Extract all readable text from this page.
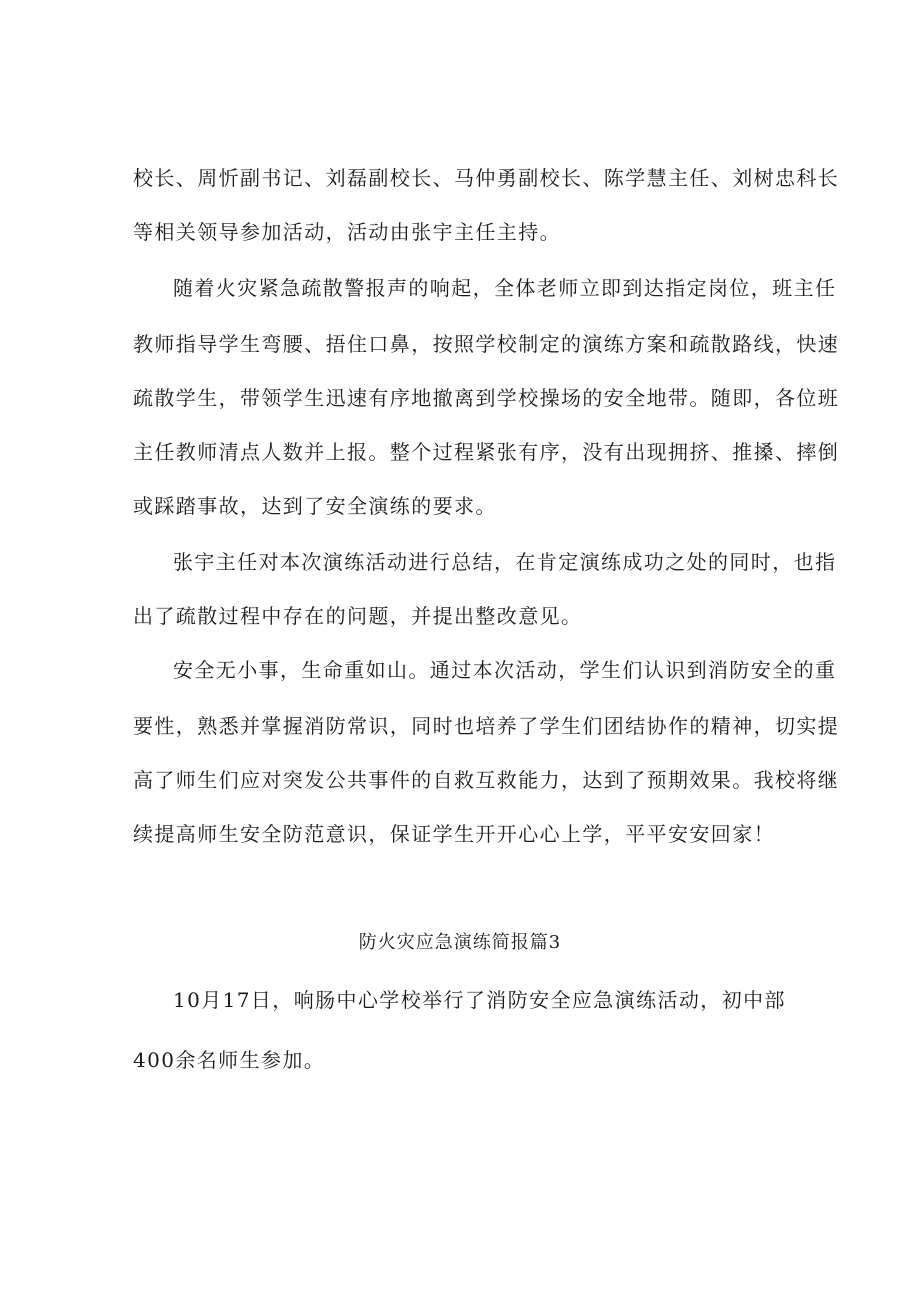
校长、周忻副书记、刘磊副校长、马仲勇副校长、陈学慧主任、刘树忠科长
等相关领导参加活动，活动由张宇主任主持。
随着火灾紧急疏散警报声的响起，全体老师立即到达指定岗位，班主任
教师指导学生弯腰、捂住口鼻，按照学校制定的演练方案和疏散路线，快速
疏散学生，带领学生迅速有序地撤离到学校操场的安全地带。随即，各位班
主任教师清点人数并上报。整个过程紧张有序，没有出现拥挤、推搡、摔倒
或踩踏事故，达到了安全演练的要求。
张宇主任对本次演练活动进行总结，在肯定演练成功之处的同时，也指
出了疏散过程中存在的问题，并提出整改意见。
安全无小事，生命重如山。通过本次活动，学生们认识到消防安全的重
要性，熟悉并掌握消防常识，同时也培养了学生们团结协作的精神，切实提
高了师生们应对突发公共事件的自救互救能力，达到了预期效果。我校将继
续提高师生安全防范意识，保证学生开开心心上学，平平安安回家！
防火灾应急演练简报篇3
10月17日，响肠中心学校举行了消防安全应急演练活动，初中部
400余名师生参加。
